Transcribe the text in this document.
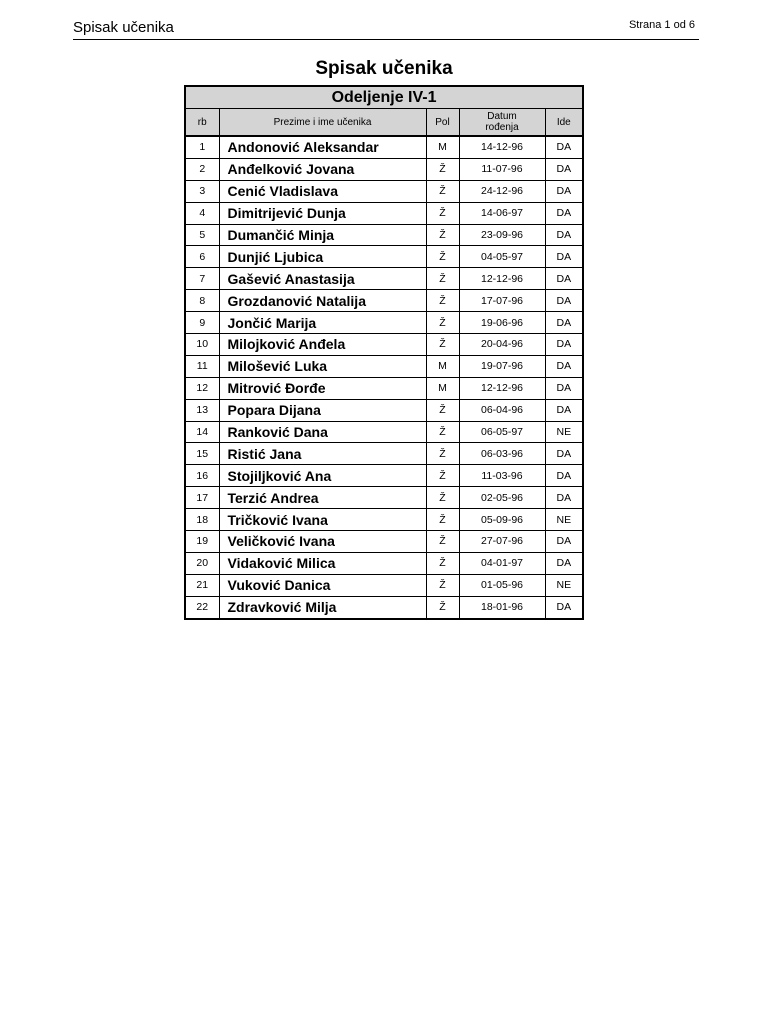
Spisak učenika	Strana 1 od 6
Spisak učenika
Odeljenje IV-1				
rb	Prezime i ime učenika	Pol	Datum
rođenja	Ide
1	Andonović Aleksandar	M	14-12-96	DA
2	Anđelković Jovana	Ž	11-07-96	DA
3	Cenić Vladislava	Ž	24-12-96	DA
4	Dimitrijević Dunja	Ž	14-06-97	DA
5	Dumančić Minja	Ž	23-09-96	DA
6	Dunjić Ljubica	Ž	04-05-97	DA
7	Gašević Anastasija	Ž	12-12-96	DA
8	Grozdanović Natalija	Ž	17-07-96	DA
9	Jončić Marija	Ž	19-06-96	DA
10	Milojković Anđela	Ž	20-04-96	DA
11	Milošević Luka	M	19-07-96	DA
12	Mitrović Đorđe	M	12-12-96	DA
13	Popara Dijana	Ž	06-04-96	DA
14	Ranković Dana	Ž	06-05-97	NE
15	Ristić Jana	Ž	06-03-96	DA
16	Stojiljković Ana	Ž	11-03-96	DA
17	Terzić Andrea	Ž	02-05-96	DA
18	Tričković Ivana	Ž	05-09-96	NE
19	Veličković Ivana	Ž	27-07-96	DA
20	Vidaković Milica	Ž	04-01-97	DA
21	Vuković Danica	Ž	01-05-96	NE
22	Zdravković Milja	Ž	18-01-96	DA
